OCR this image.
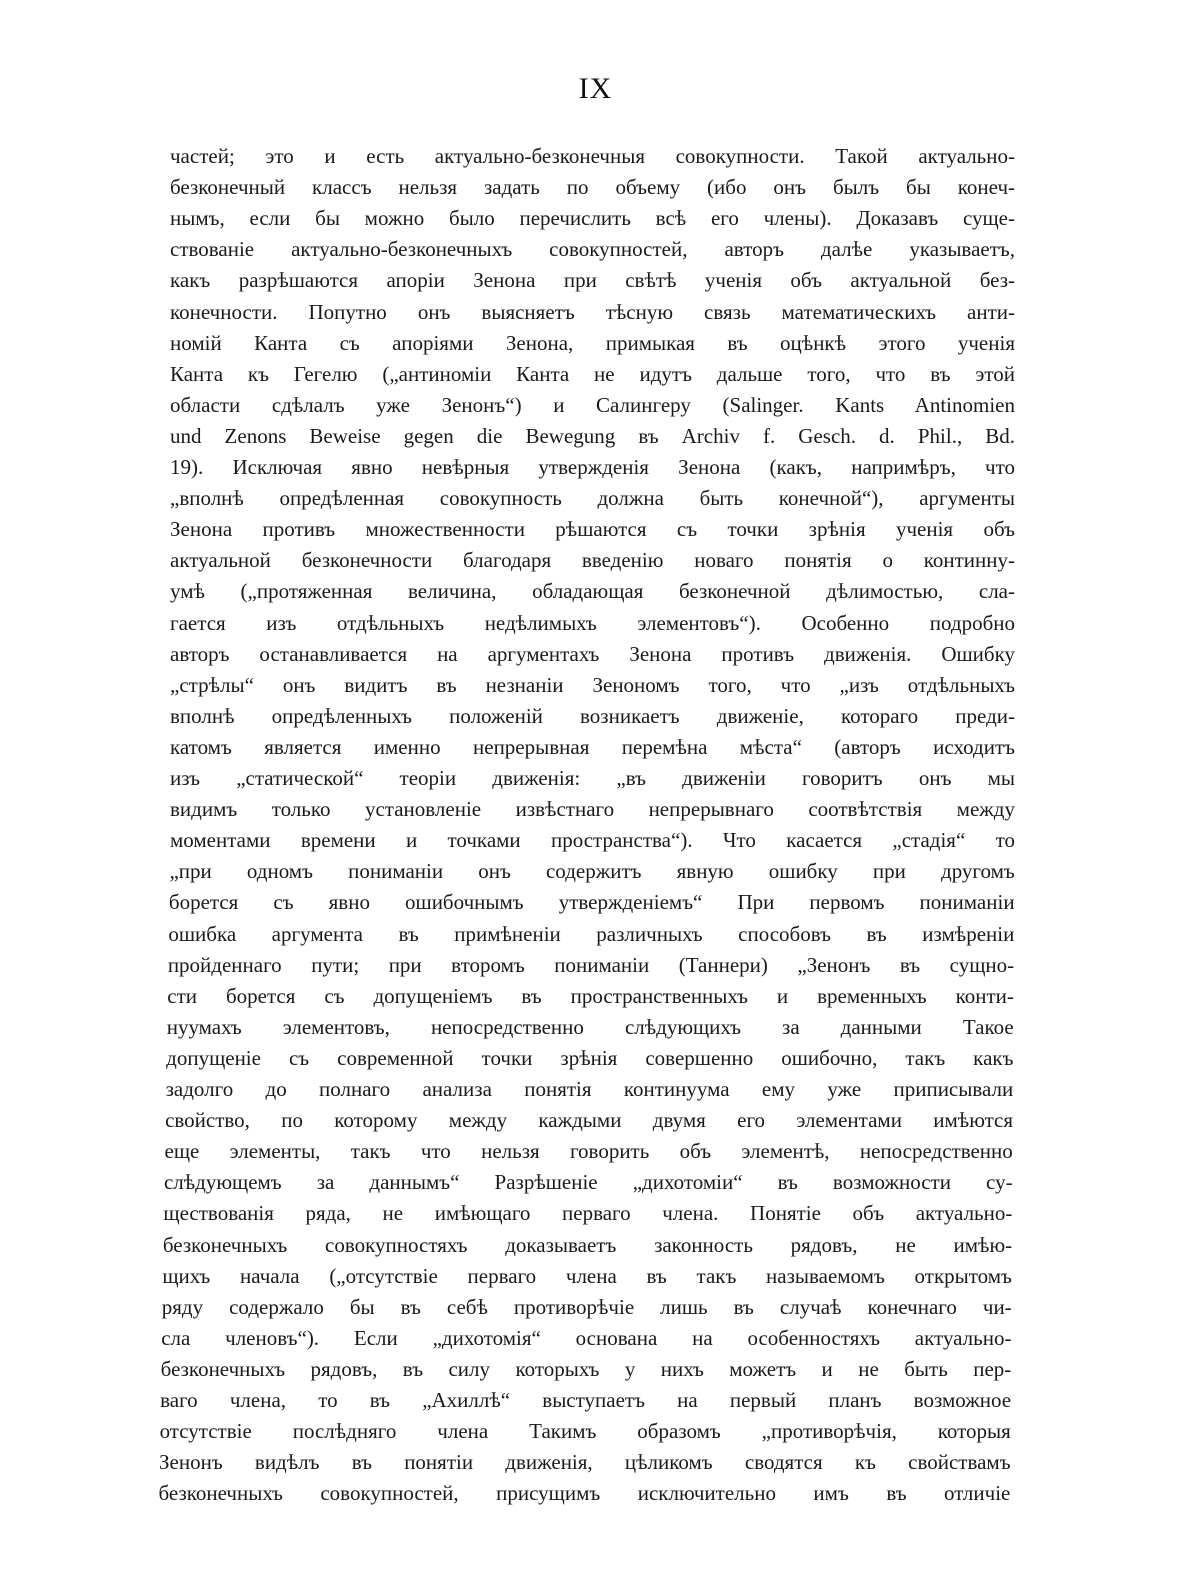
IX
частей; это и есть актуально-безконечныя совокупности. Такой актуально-
безконечный классъ нельзя задать по объему (ибо онъ былъ бы конеч-
нымъ, если бы можно было перечислить всѣ его члены). Доказавъ суще-
ствованіе актуально-безконечныхъ совокупностей, авторъ далѣе указываетъ,
какъ разрѣшаются апоріи Зенона при свѣтѣ ученія объ актуальной без-
конечности. Попутно онъ выясняетъ тѣсную связь математическихъ анти-
номій Канта съ апоріями Зенона, примыкая въ оцѣнкѣ этого ученія
Канта къ Гегелю („антиноміи Канта не идутъ дальше того, что въ этой
области сдѣлалъ уже Зенонъ“) и Салингеру (Salinger. Kants Antinomien
und Zenons Beweise gegen die Bewegung въ Archiv f. Gesch. d. Phil., Bd.
19). Исключая явно невѣрныя утвержденія Зенона (какъ, напримѣръ, что
„вполнѣ опредѣленная совокупность должна быть конечной“), аргументы
Зенона противъ множественности рѣшаются съ точки зрѣнія ученія объ
актуальной безконечности благодаря введенію новаго понятія о континну-
умѣ („протяженная величина, обладающая безконечной дѣлимостью, сла-
гается изъ отдѣльныхъ недѣлимыхъ элементовъ“). Особенно подробно
авторъ останавливается на аргументахъ Зенона противъ движенія. Ошибку
„стрѣлы“ онъ видитъ въ незнаніи Зенономъ того, что „изъ отдѣльныхъ
вполнѣ опредѣленныхъ положеній возникаетъ движеніе, котораго преди-
катомъ является именно непрерывная перемѣна мѣста“ (авторъ исходитъ
изъ „статической“ теоріи движенія: „въ движеніи говоритъ онъ мы
видимъ только установленіе извѣстнаго непрерывнаго соотвѣтствія между
моментами времени и точками пространства“). Что касается „стадія“ то
„при одномъ пониманіи онъ содержитъ явную ошибку при другомъ
борется съ явно ошибочнымъ утвержденіемъ“ При первомъ пониманіи
ошибка аргумента въ примѣненіи различныхъ способовъ въ измѣреніи
пройденнаго пути; при второмъ пониманіи (Таннери) „Зенонъ въ сущно-
сти борется съ допущеніемъ въ пространственныхъ и временныхъ конти-
нуумахъ элементовъ, непосредственно слѣдующихъ за данными Такое
допущеніе съ современной точки зрѣнія совершенно ошибочно, такъ какъ
задолго до полнаго анализа понятія континуума ему уже приписывали
свойство, по которому между каждыми двумя его элементами имѣются
еще элементы, такъ что нельзя говорить объ элементѣ, непосредственно
слѣдующемъ за даннымъ“ Разрѣшеніе „дихотоміи“ въ возможности су-
ществованія ряда, не имѣющаго перваго члена. Понятіе объ актуально-
безконечныхъ совокупностяхъ доказываетъ законность рядовъ, не имѣю-
щихъ начала („отсутствіе перваго члена въ такъ называемомъ открытомъ
ряду содержало бы въ себѣ противорѣчіе лишь въ случаѣ конечнаго чи-
сла членовъ“). Если „дихотомія“ основана на особенностяхъ актуально-
безконечныхъ рядовъ, въ силу которыхъ у нихъ можетъ и не быть пер-
ваго члена, то въ „Ахиллѣ“ выступаетъ на первый планъ возможное
отсутствіе послѣдняго члена Такимъ образомъ „противорѣчія, которыя
Зенонъ видѣлъ въ понятіи движенія, цѣликомъ сводятся къ свойствамъ
безконечныхъ совокупностей, присущимъ исключительно имъ въ отличіе
